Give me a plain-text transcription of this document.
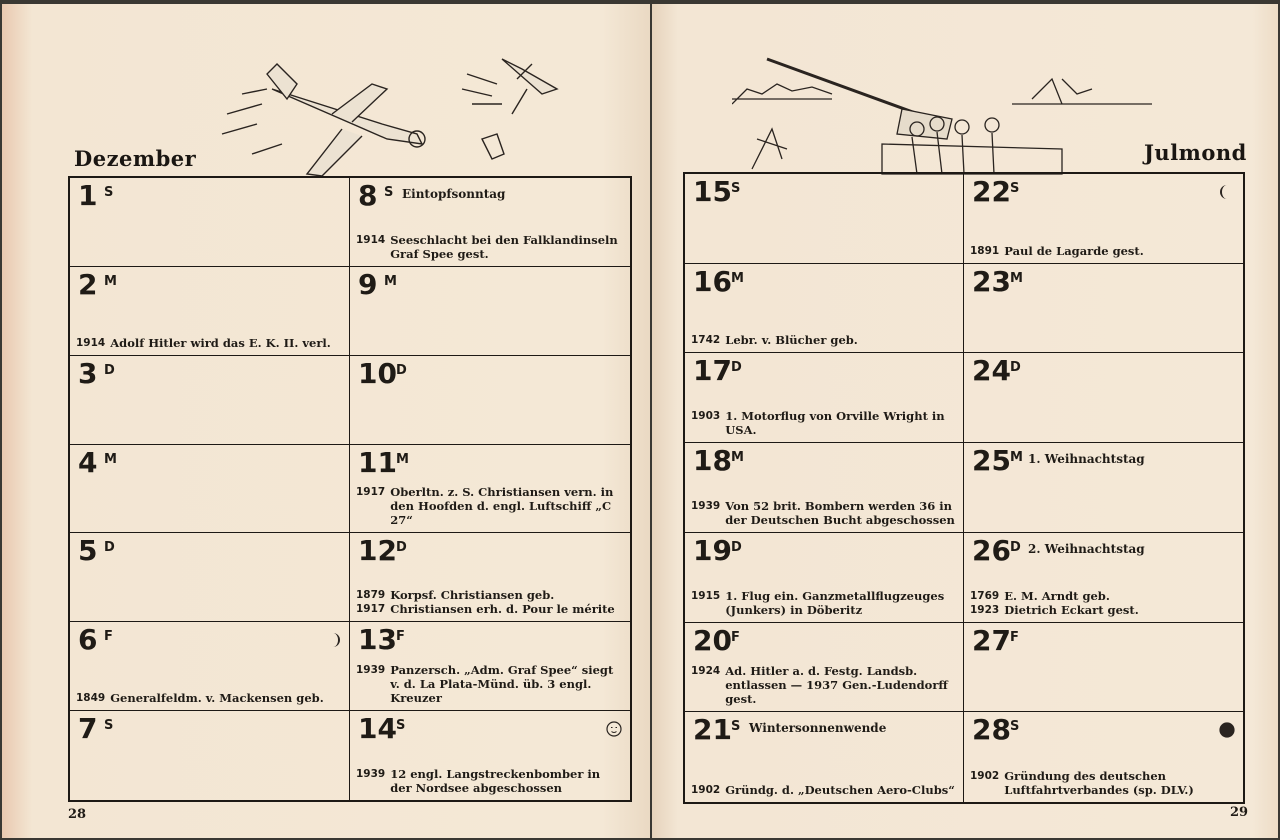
Dezember
1 S
2 M
1914 Adolf Hitler wird das E. K. II. verl.
3 D
4 M
5 D
6 F
1849 Generalfeldm. v. Mackensen geb.
7 S
8 S Eintopfsonntag
1914 Seeschlacht bei den Falklandinseln Graf Spee gest.
9 M
10 D
11 M
1917 Oberltn. z. S. Christiansen vern. in den Hoofden d. engl. Luftschiff „C 27“
12 D
1879 Korpsf. Christiansen geb.
1917 Christiansen erh. d. Pour le mérite
13 F
1939 Panzersch. „Adm. Graf Spee“ siegt v. d. La Plata-Münd. üb. 3 engl. Kreuzer
14 S
1939 12 engl. Langstreckenbomber in der Nordsee abgeschossen
28
Julmond
15 S
16 M
1742 Lebr. v. Blücher geb.
17 D
1903 1. Motorflug von Orville Wright in USA.
18 M
1939 Von 52 brit. Bombern werden 36 in der Deutschen Bucht abgeschossen
19 D
1915 1. Flug ein. Ganzmetallflugzeuges (Junkers) in Döberitz
20 F
1924 Ad. Hitler a. d. Festg. Landsb. entlassen — 1937 Gen.-Ludendorff gest.
21 S Wintersonnenwende
1902 Gründg. d. „Deutschen Aero-Clubs“
22 S
1891 Paul de Lagarde gest.
23 M
24 D
25 M 1. Weihnachtstag
26 D 2. Weihnachtstag
1769 E. M. Arndt geb.
1923 Dietrich Eckart gest.
27 F
28 S
1902 Gründung des deutschen Luftfahrtverbandes (sp. DLV.)
29
